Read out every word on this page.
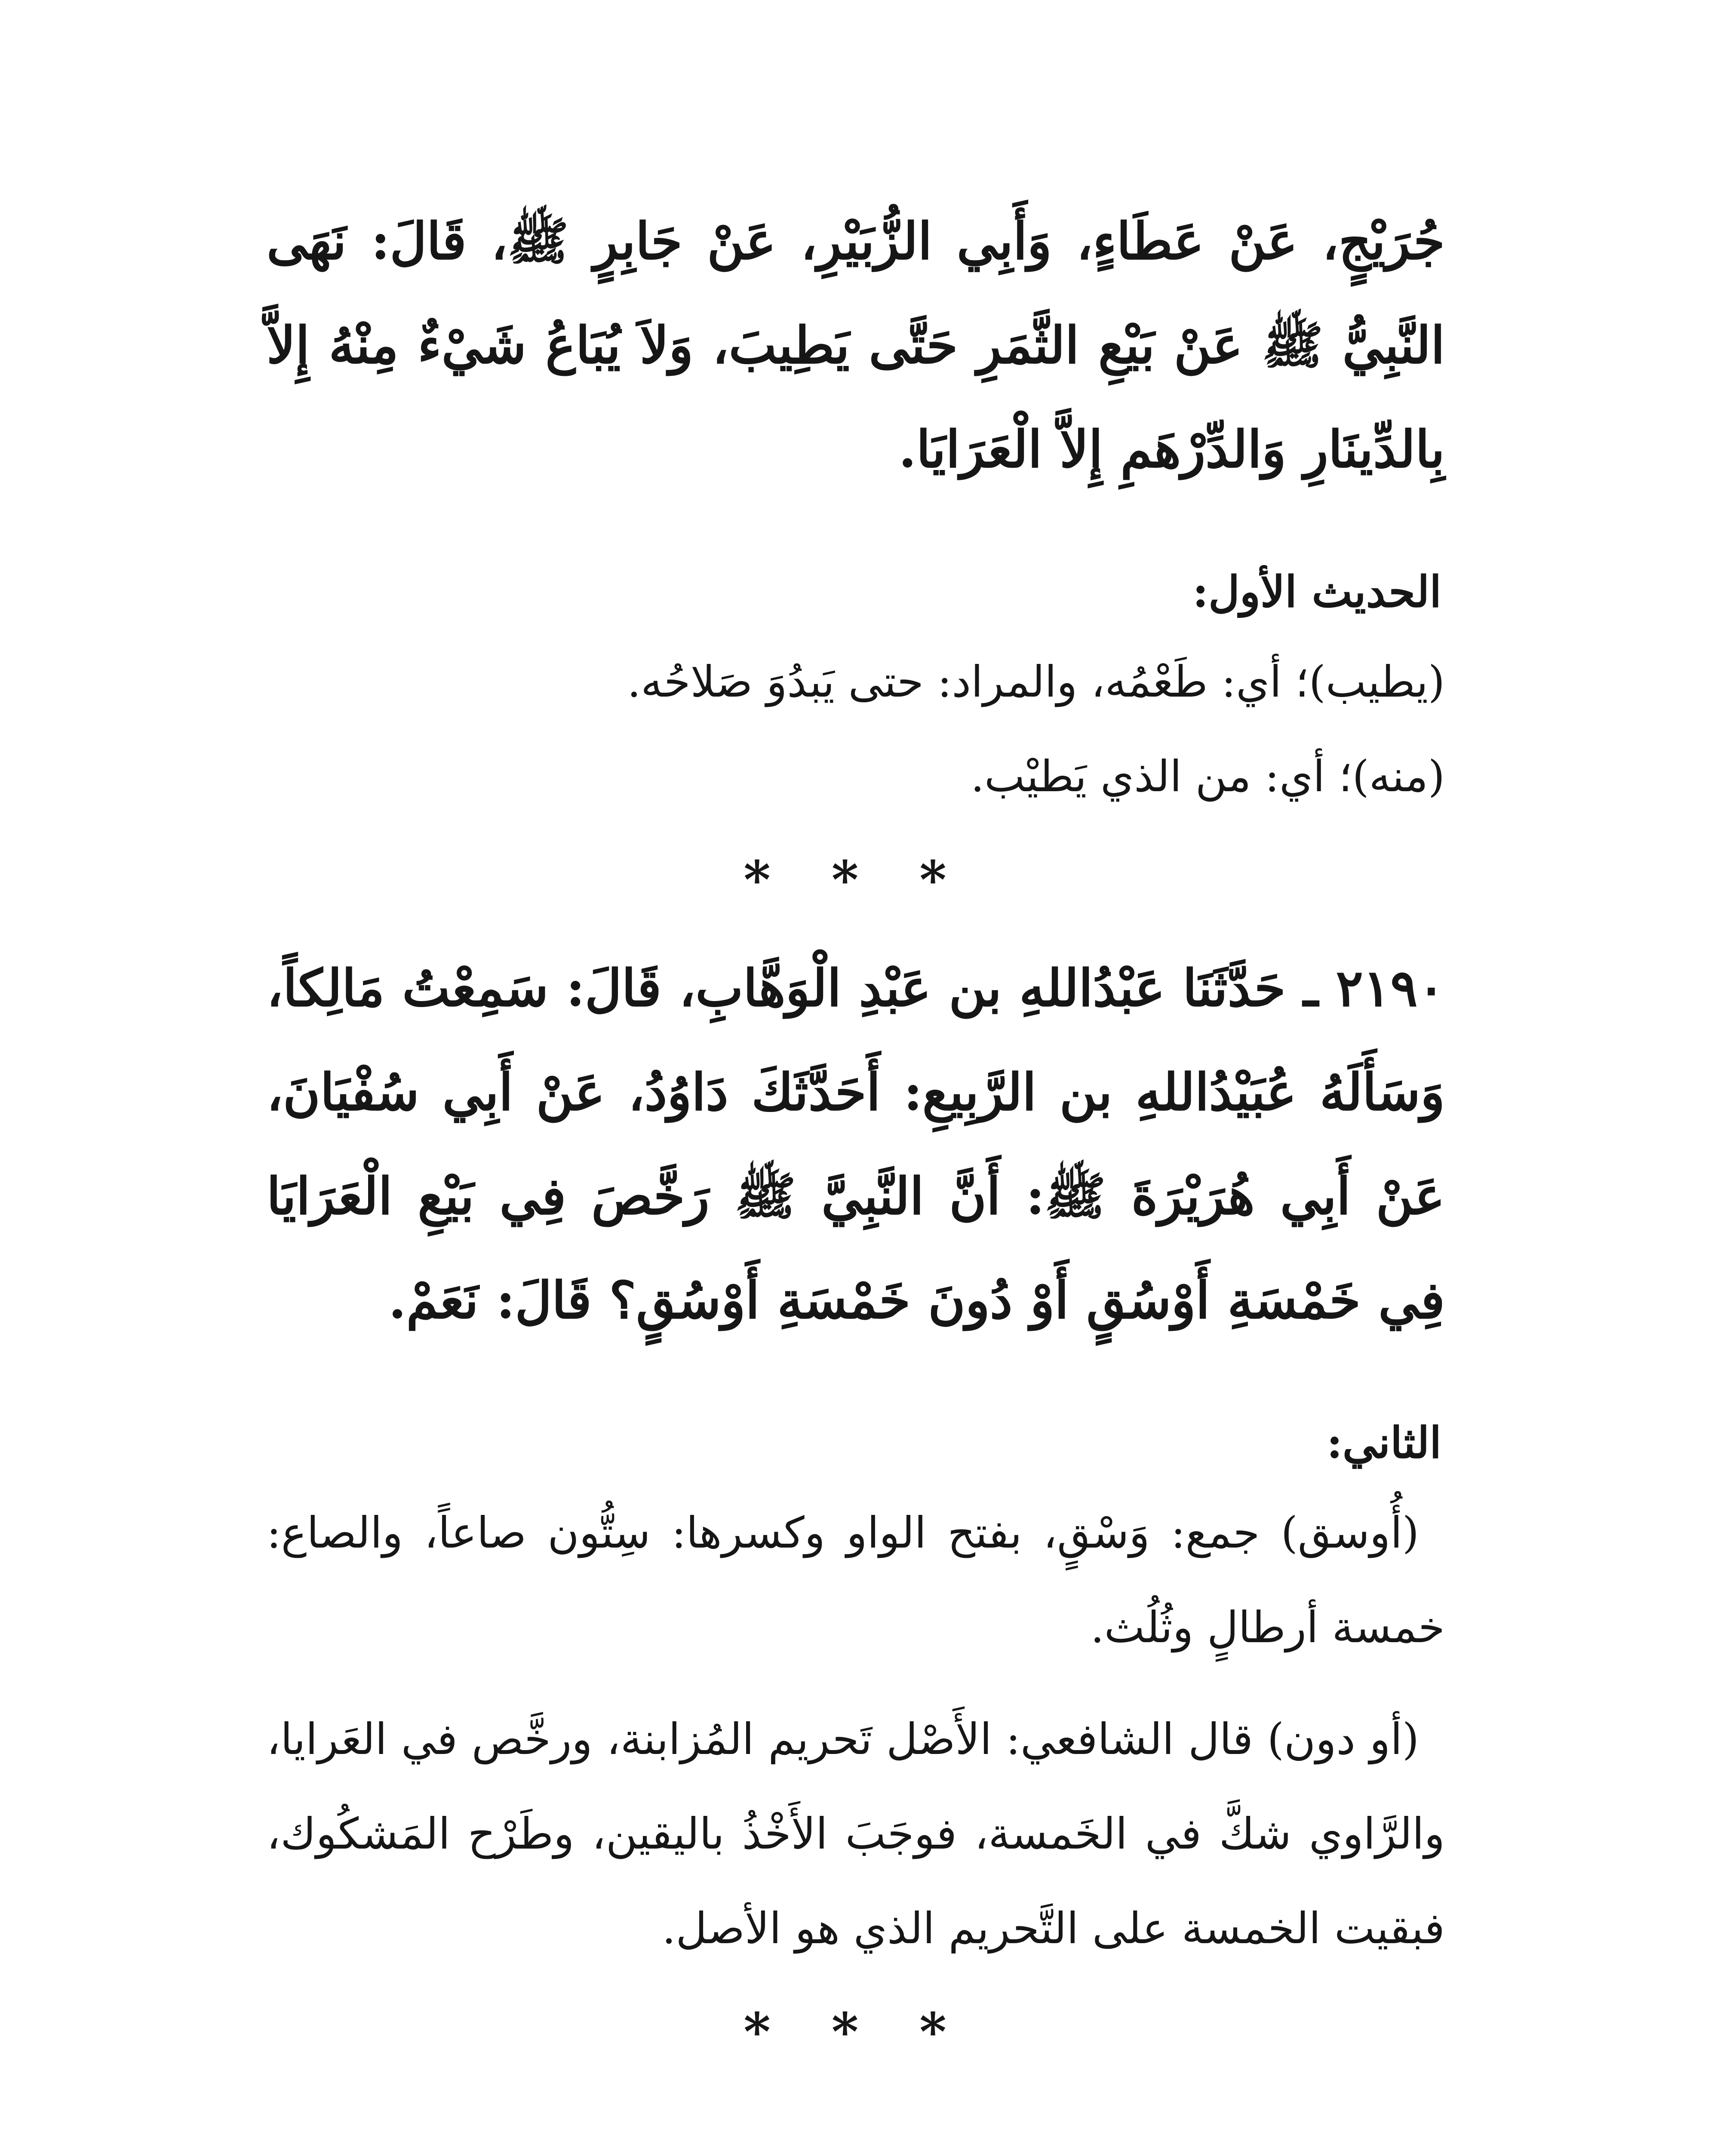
جُرَيْجٍ، عَنْ عَطَاءٍ، وَأَبِي الزُّبَيْرِ، عَنْ جَابِرٍ ﷺ، قَالَ: نَهَى النَّبِيُّ ﷺ عَنْ بَيْعِ الثَّمَرِ حَتَّى يَطِيبَ، وَلاَ يُبَاعُ شَيْءٌ مِنْهُ إِلاَّ بِالدِّينَارِ وَالدِّرْهَمِ إِلاَّ الْعَرَايَا.

الحديث الأول:

(يطيب)؛ أي: طَعْمُه، والمراد: حتى يَبدُوَ صَلاحُه.

(منه)؛ أي: من الذي يَطيْب.

* * *

٢١٩٠ ـ حَدَّثَنَا عَبْدُاللهِ بن عَبْدِ الْوَهَّابِ، قَالَ: سَمِعْتُ مَالِكاً، وَسَأَلَهُ عُبَيْدُاللهِ بن الرَّبِيعِ: أَحَدَّثَكَ دَاوُدُ، عَنْ أَبِي سُفْيَانَ، عَنْ أَبِي هُرَيْرَةَ ﷺ: أَنَّ النَّبِيَّ ﷺ رَخَّصَ فِي بَيْعِ الْعَرَايَا فِي خَمْسَةِ أَوْسُقٍ أَوْ دُونَ خَمْسَةِ أَوْسُقٍ؟ قَالَ: نَعَمْ.

الثاني:

(أُوسق) جمع: وَسْقٍ، بفتح الواو وكسرها: سِتُّون صاعاً، والصاع: خمسة أرطالٍ وثُلُث.

(أو دون) قال الشافعي: الأَصْل تَحريم المُزابنة، ورخَّص في العَرايا، والرَّاوي شكَّ في الخَمسة، فوجَبَ الأَخْذُ باليقين، وطَرْح المَشكُوك، فبقيت الخمسة على التَّحريم الذي هو الأصل.

* * *
